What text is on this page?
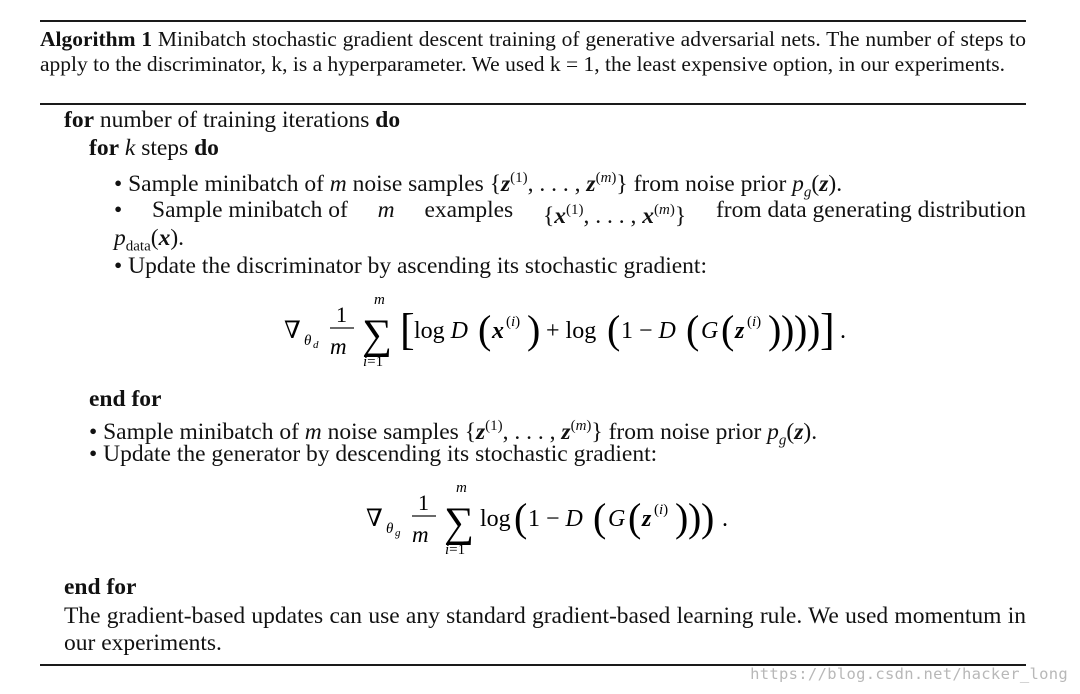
Algorithm 1 Minibatch stochastic gradient descent training of generative adversarial nets. The number of steps to apply to the discriminator, k, is a hyperparameter. We used k = 1, the least expensive option, in our experiments.
for number of training iterations do
for k steps do
• Sample minibatch of m noise samples {$z^{(1)}$, . . . , $z^{(m)}$} from noise prior $p_g(z)$.
• Sample minibatch of m examples {$x^{(1)}$, . . . , $x^{(m)}$} from data generating distribution
$p_{data}(x)$.
• Update the discriminator by ascending its stochastic gradient:
∇ θ d
1
m
m
∑
i=1
[ log D ( x (i) ) + log ( 1 − D ( G ( z (i) ) ) ) ) ] .
end for
• Sample minibatch of m noise samples {$z^{(1)}$, . . . , $z^{(m)}$} from noise prior $p_g(z)$.
• Update the generator by descending its stochastic gradient:
∇ θ g
1
m
m
∑
i=1
log ( 1 − D ( G ( z (i) ) ) ) .
end for
The gradient-based updates can use any standard gradient-based learning rule. We used momentum in our experiments.
https://blog.csdn.net/hacker_long
